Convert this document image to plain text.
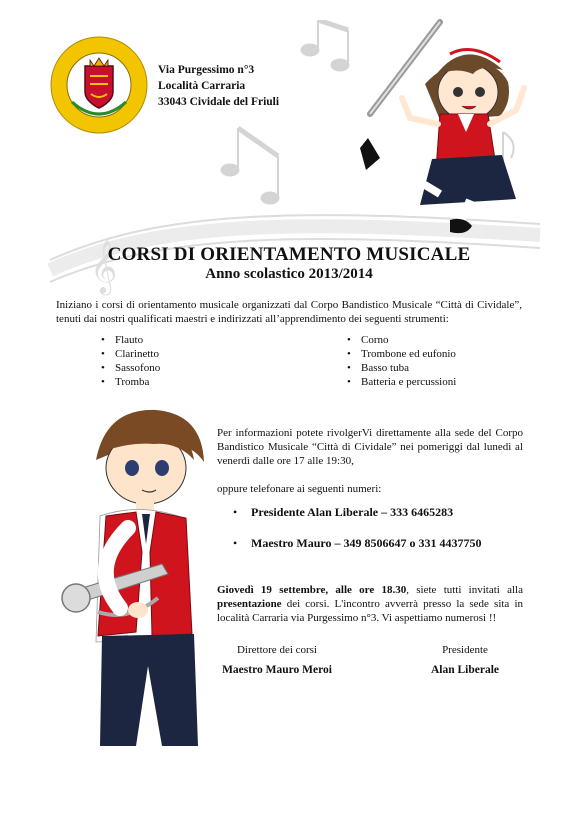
𝄞
Via Purgessimo n°3
Località Carraria
33043 Cividale del Friuli
CORSI DI ORIENTAMENTO MUSICALE
Anno scolastico 2013/2014
Iniziano i corsi di orientamento musicale organizzati dal Corpo Bandistico Musicale “Città di Cividale”, tenuti dai nostri qualificati maestri e indirizzati all’apprendimento dei seguenti strumenti:
• Flauto
• Clarinetto
• Sassofono
• Tromba
• Corno
• Trombone ed eufonio
• Basso tuba
• Batteria e percussioni
Per informazioni potete rivolgerVi direttamente alla sede del Corpo Bandistico Musicale “Città di Cividale” nei pomeriggi dal lunedì al venerdì dalle ore 17 alle 19:30,
oppure telefonare ai seguenti numeri:
• Presidente Alan Liberale – 333 6465283
• Maestro Mauro – 349 8506647 o 331 4437750
Giovedì 19 settembre, alle ore 18.30, siete tutti invitati alla presentazione dei corsi. L'incontro avverrà presso la sede sita in località Carraria via Purgessimo n°3. Vi aspettiamo numerosi !!
Direttore dei corsi
Maestro Mauro Meroi
Presidente
Alan Liberale
